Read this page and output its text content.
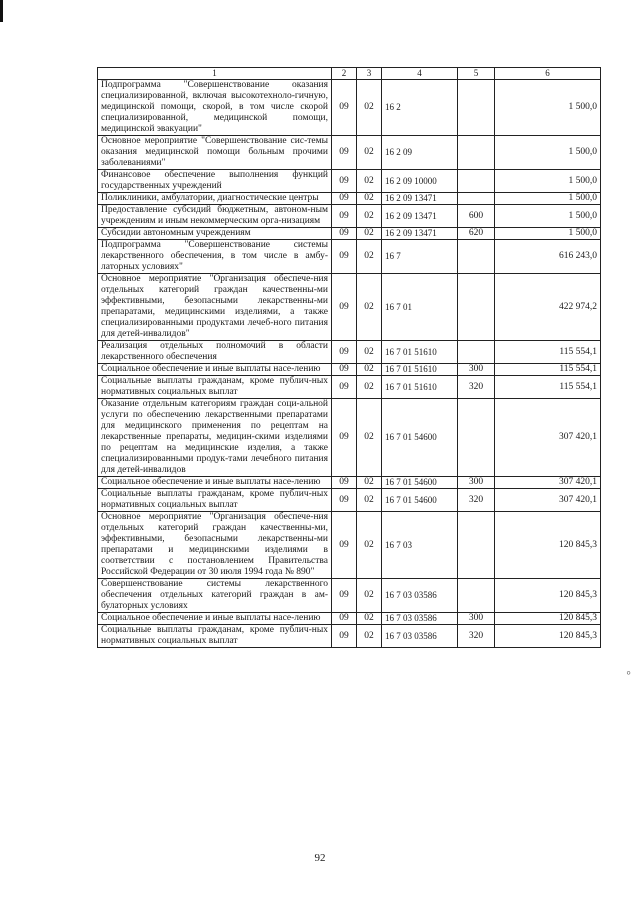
1	2	3	4	5	6
Подпрограмма "Совершенствование оказания специализированной, включая высокотехноло-гичную, медицинской помощи, скорой, в том числе скорой специализированной, медицинской помощи, медицинской эвакуации"	09	02	16 2		1 500,0
Основное мероприятие "Совершенствование сис-темы оказания медицинской помощи больным прочими заболеваниями"	09	02	16 2 09		1 500,0
Финансовое обеспечение выполнения функций государственных учреждений	09	02	16 2 09 10000		1 500,0
Поликлиники, амбулатории, диагностические центры	09	02	16 2 09 13471		1 500,0
Предоставление субсидий бюджетным, автоном-ным учреждениям и иным некоммерческим орга-низациям	09	02	16 2 09 13471	600	1 500,0
Субсидии автономным учреждениям	09	02	16 2 09 13471	620	1 500,0
Подпрограмма "Совершенствование системы лекарственного обеспечения, в том числе в амбу-латорных условиях"	09	02	16 7		616 243,0
Основное мероприятие "Организация обеспече-ния отдельных категорий граждан качественны-ми эффективными, безопасными лекарственны-ми препаратами, медицинскими изделиями, а также специализированными продуктами лечеб-ного питания для детей-инвалидов"	09	02	16 7 01		422 974,2
Реализация отдельных полномочий в области лекарственного обеспечения	09	02	16 7 01 51610		115 554,1
Социальное обеспечение и иные выплаты насе-лению	09	02	16 7 01 51610	300	115 554,1
Социальные выплаты гражданам, кроме публич-ных нормативных социальных выплат	09	02	16 7 01 51610	320	115 554,1
Оказание отдельным категориям граждан соци-альной услуги по обеспечению лекарственными препаратами для медицинского применения по рецептам на лекарственные препараты, медицин-скими изделиями по рецептам на медицинские изделия, а также специализированными продук-тами лечебного питания для детей-инвалидов	09	02	16 7 01 54600		307 420,1
Социальное обеспечение и иные выплаты насе-лению	09	02	16 7 01 54600	300	307 420,1
Социальные выплаты гражданам, кроме публич-ных нормативных социальных выплат	09	02	16 7 01 54600	320	307 420,1
Основное мероприятие "Организация обеспече-ния отдельных категорий граждан качественны-ми, эффективными, безопасными лекарственны-ми препаратами и медицинскими изделиями в соответствии с постановлением Правительства Российской Федерации от 30 июля 1994 года № 890"	09	02	16 7 03		120 845,3
Совершенствование системы лекарственного обеспечения отдельных категорий граждан в ам-булаторных условиях	09	02	16 7 03 03586		120 845,3
Социальное обеспечение и иные выплаты насе-лению	09	02	16 7 03 03586	300	120 845,3
Социальные выплаты гражданам, кроме публич-ных нормативных социальных выплат	09	02	16 7 03 03586	320	120 845,3
92
⸰
